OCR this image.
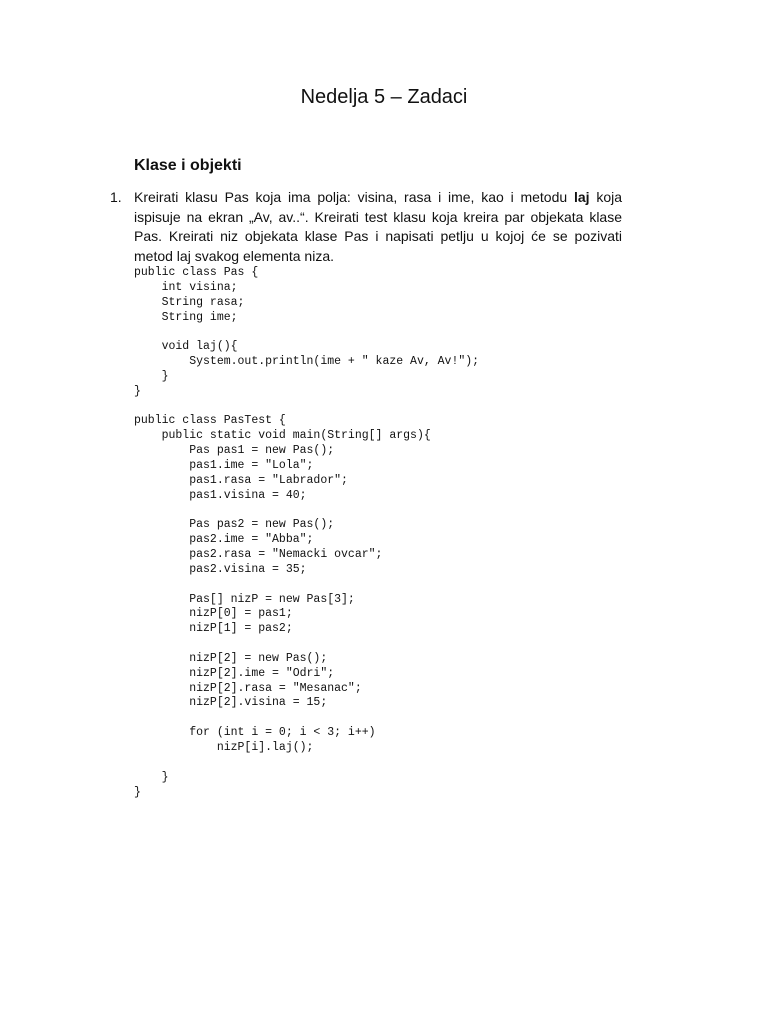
Nedelja 5 – Zadaci
Klase i objekti
1. Kreirati klasu Pas koja ima polja: visina, rasa i ime, kao i metodu laj koja ispisuje na ekran „Av, av..“. Kreirati test klasu koja kreira par objekata klase Pas. Kreirati niz objekata klase Pas i napisati petlju u kojoj će se pozivati metod laj svakog elementa niza.

public class Pas {
int visina;
String rasa;
String ime;
void laj(){
System.out.println(ime + " kaze Av, Av!");
}
}
public class PasTest {
public static void main(String[] args){
Pas pas1 = new Pas();
pas1.ime = "Lola";
pas1.rasa = "Labrador";
pas1.visina = 40;
Pas pas2 = new Pas();
pas2.ime = "Abba";
pas2.rasa = "Nemacki ovcar";
pas2.visina = 35;
Pas[] nizP = new Pas[3];
nizP[0] = pas1;
nizP[1] = pas2;
nizP[2] = new Pas();
nizP[2].ime = "Odri";
nizP[2].rasa = "Mesanac";
nizP[2].visina = 15;
for (int i = 0; i < 3; i++)
nizP[i].laj();
}
}
